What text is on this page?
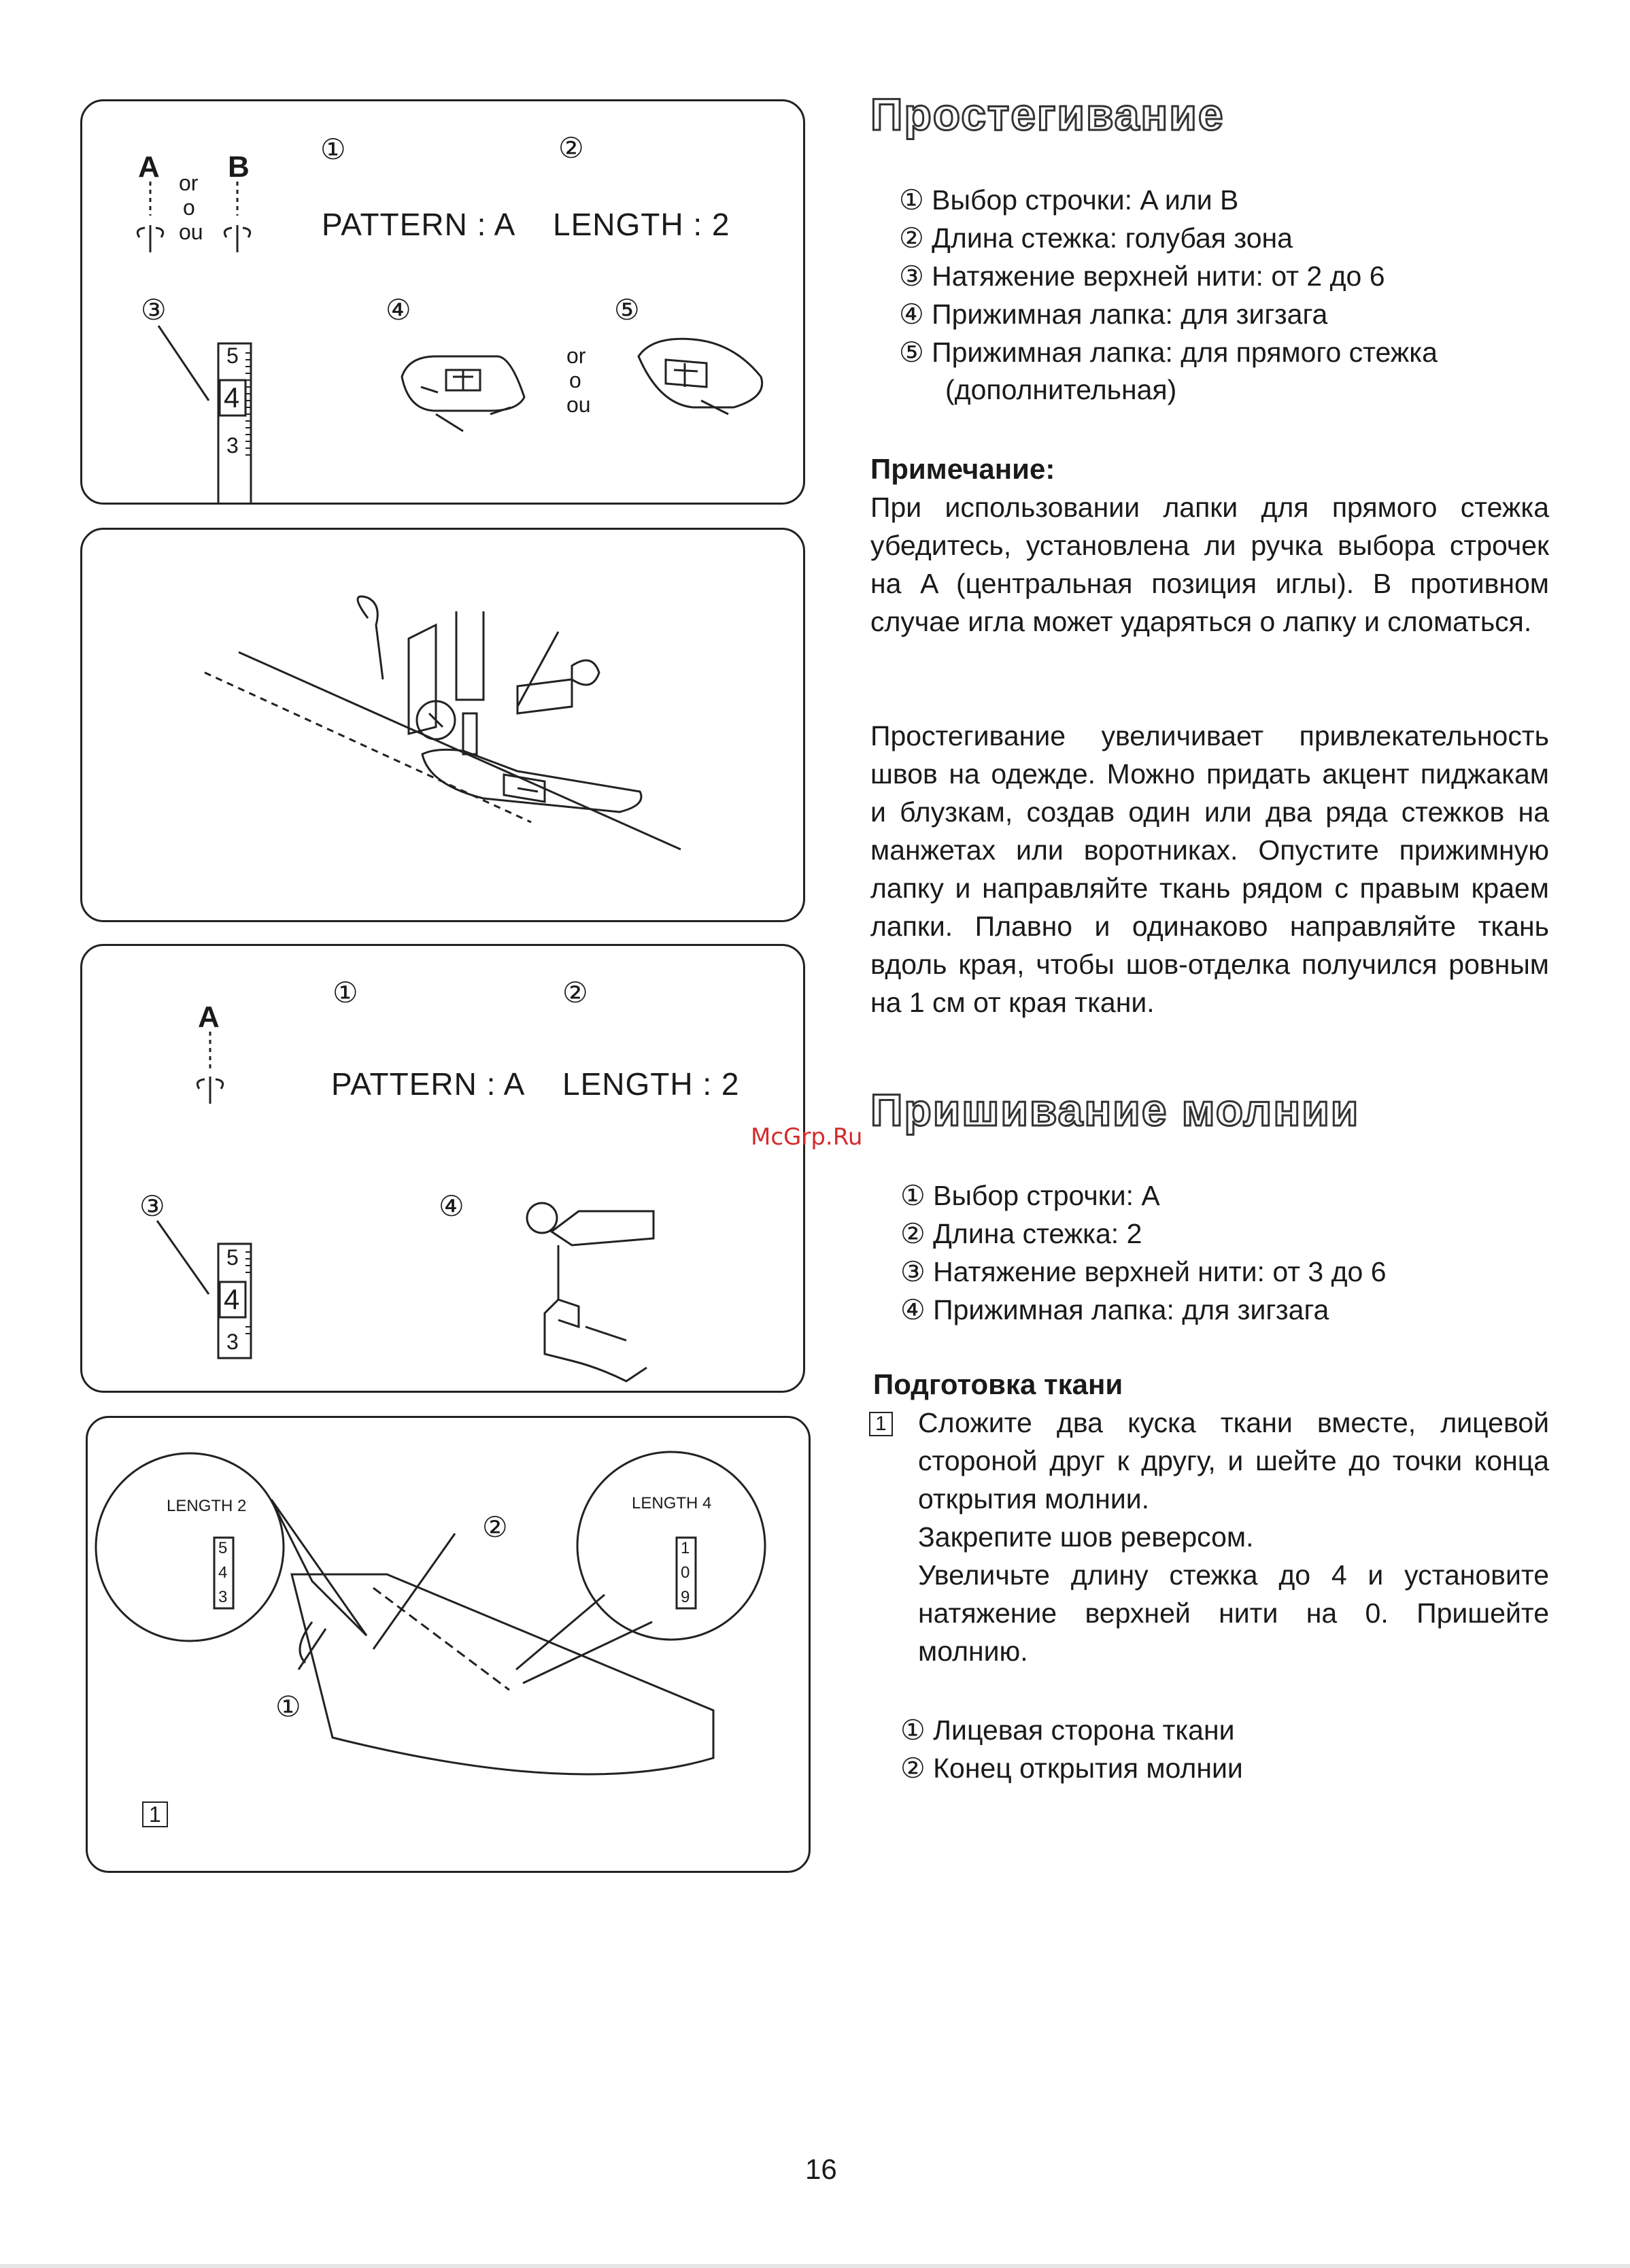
A or
o
ou
B
①	②
PATTERN : A LENGTH : 2
③
5
4
3
④	⑤
or
o
ou
A
①	②
PATTERN : A LENGTH : 2
③	④
5
4
3
LENGTH 2
5
4
3
LENGTH 4
1
0
9
①
②
1
Простегивание
① Выбор строчки: A или B
② Длина стежка: голубая зона
③ Натяжение верхней нити: от 2 до 6
④ Прижимная лапка: для зигзага
⑤ Прижимная лапка: для прямого стежка
(дополнительная)
Примечание:
При использовании лапки для прямого стежка убедитесь, установлена ли ручка выбора строчек на A (центральная позиция иглы). В противном случае игла может ударяться о лапку и сломаться.
Простегивание увеличивает привлекательность швов на одежде. Можно придать акцент пиджакам и блузкам, создав один или два ряда стежков на манжетах или воротниках. Опустите прижимную лапку и направляйте ткань рядом с правым краем лапки. Плавно и одинаково направляйте ткань вдоль края, чтобы шов-отделка получился ровным на 1 см от края ткани.
McGrp.Ru
Пришивание молнии
① Выбор строчки: A
② Длина стежка: 2
③ Натяжение верхней нити: от 3 до 6
④ Прижимная лапка: для зигзага
Подготовка ткани
1 Сложите два куска ткани вместе, лицевой стороной друг к другу, и шейте до точки конца открытия молнии.
Закрепите шов реверсом.
Увеличьте длину стежка до 4 и установите натяжение верхней нити на 0. Пришейте молнию.
① Лицевая сторона ткани
② Конец открытия молнии
16
